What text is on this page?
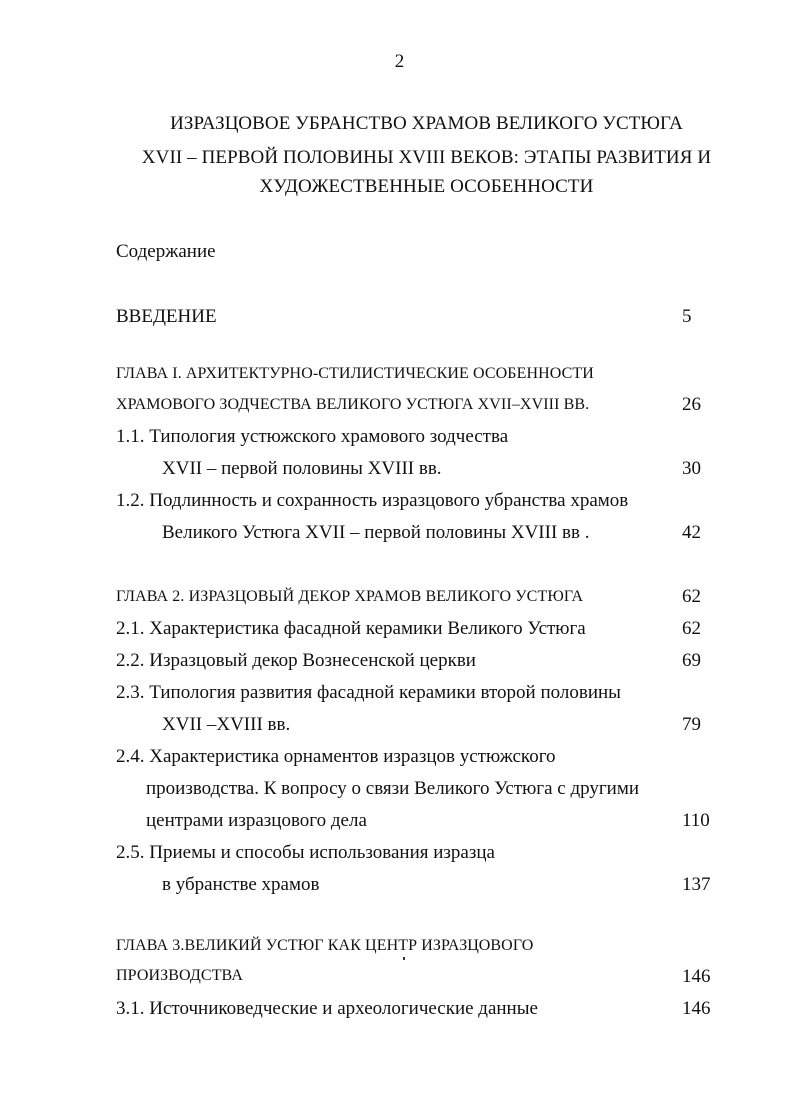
2
ИЗРАЗЦОВОЕ УБРАНСТВО ХРАМОВ ВЕЛИКОГО УСТЮГА
XVII – ПЕРВОЙ ПОЛОВИНЫ XVIII ВЕКОВ: ЭТАПЫ РАЗВИТИЯ И
ХУДОЖЕСТВЕННЫЕ ОСОБЕННОСТИ
Содержание
ВВЕДЕНИЕ	5
ГЛАВА I. АРХИТЕКТУРНО-СТИЛИСТИЧЕСКИЕ ОСОБЕННОСТИ
ХРАМОВОГО ЗОДЧЕСТВА ВЕЛИКОГО УСТЮГА XVII–XVIII ВВ.	26
1.1. Типология устюжского храмового зодчества
XVII – первой половины XVIII вв.	30
1.2. Подлинность и сохранность изразцового убранства храмов
Великого Устюга XVII – первой половины XVIII вв .	42
ГЛАВА 2. ИЗРАЗЦОВЫЙ ДЕКОР ХРАМОВ ВЕЛИКОГО УСТЮГА	62
2.1. Характеристика фасадной керамики Великого Устюга	62
2.2. Изразцовый декор Вознесенской церкви	69
2.3. Типология развития фасадной керамики второй половины
XVII –XVIII вв.	79
2.4. Характеристика орнаментов изразцов устюжского
производства. К вопросу о связи Великого Устюга с другими
центрами изразцового дела	110
2.5. Приемы и способы использования изразца
в убранстве храмов	137
ГЛАВА 3.ВЕЛИКИЙ УСТЮГ КАК ЦЕНТР ИЗРАЗЦОВОГО
ПРОИЗВОДСТВА	146
3.1. Источниковедческие и археологические данные	146
